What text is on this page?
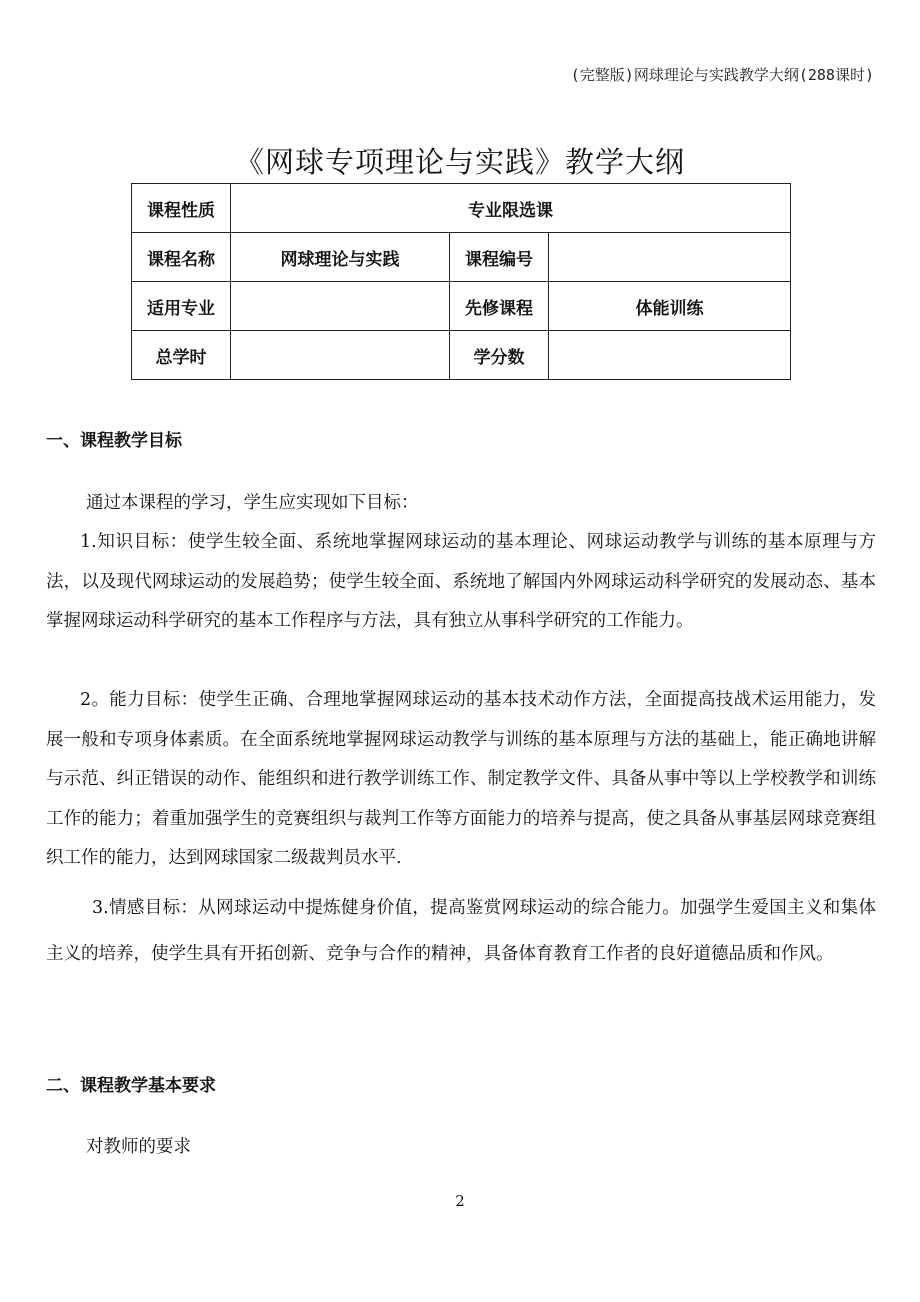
(完整版)网球理论与实践教学大纲(288课时)
《网球专项理论与实践》教学大纲
课程性质	专业限选课		
课程名称	网球理论与实践	课程编号	
适用专业		先修课程	体能训练
总学时		学分数	
一、课程教学目标

通过本课程的学习，学生应实现如下目标：

1.知识目标：使学生较全面、系统地掌握网球运动的基本理论、网球运动教学与训练的基本原理与方法，以及现代网球运动的发展趋势；使学生较全面、系统地了解国内外网球运动科学研究的发展动态、基本掌握网球运动科学研究的基本工作程序与方法，具有独立从事科学研究的工作能力。

2。能力目标：使学生正确、合理地掌握网球运动的基本技术动作方法，全面提高技战术运用能力，发展一般和专项身体素质。在全面系统地掌握网球运动教学与训练的基本原理与方法的基础上，能正确地讲解与示范、纠正错误的动作、能组织和进行教学训练工作、制定教学文件、具备从事中等以上学校教学和训练工作的能力；着重加强学生的竞赛组织与裁判工作等方面能力的培养与提高，使之具备从事基层网球竞赛组织工作的能力，达到网球国家二级裁判员水平.

3.情感目标：从网球运动中提炼健身价值，提高鉴赏网球运动的综合能力。加强学生爱国主义和集体主义的培养，使学生具有开拓创新、竞争与合作的精神，具备体育教育工作者的良好道德品质和作风。

二、课程教学基本要求

对教师的要求

2
